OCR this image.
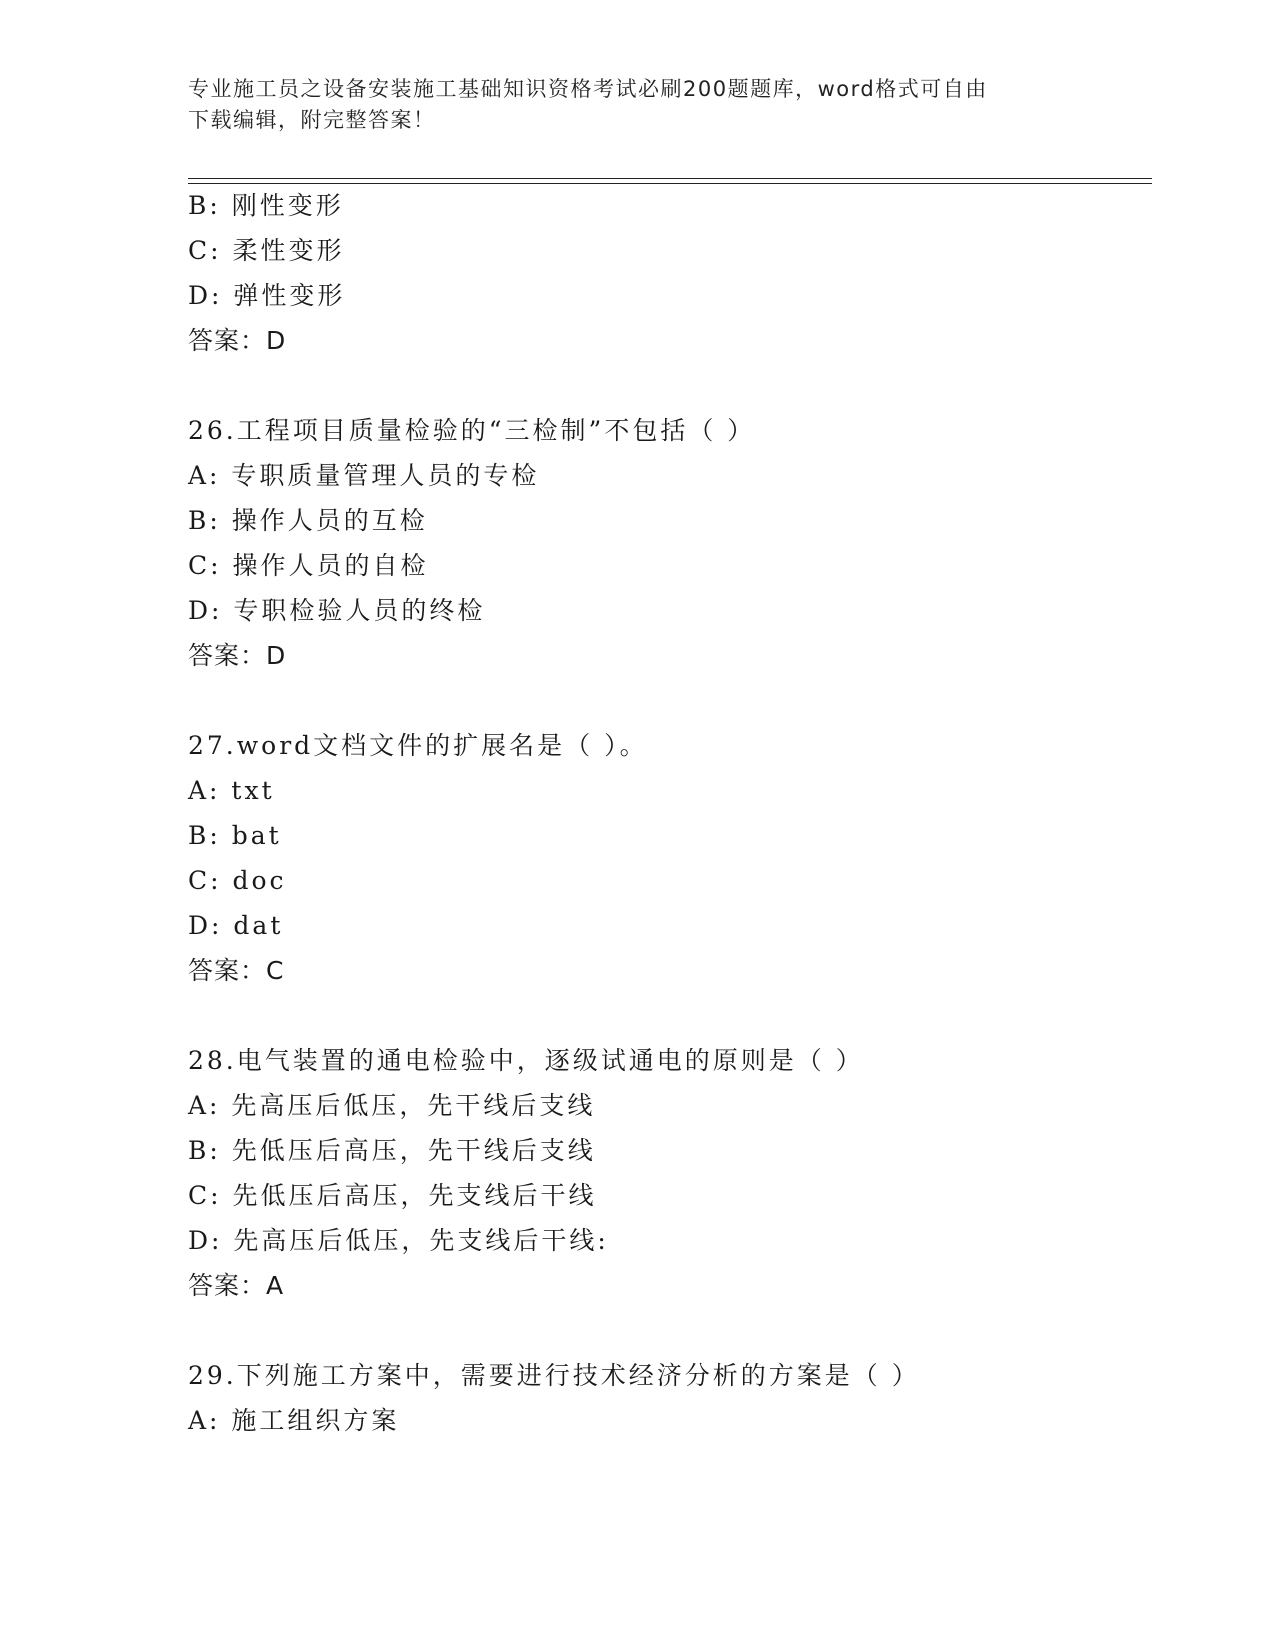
专业施工员之设备安装施工基础知识资格考试必刷200题题库，word格式可自由
下载编辑，附完整答案！
B: 刚性变形
C: 柔性变形
D: 弹性变形
答案：D
26.工程项目质量检验的“三检制”不包括（ ）
A: 专职质量管理人员的专检
B: 操作人员的互检
C: 操作人员的自检
D: 专职检验人员的终检
答案：D
27.word文档文件的扩展名是（ ）。
A: txt
B: bat
C: doc
D: dat
答案：C
28.电气装置的通电检验中，逐级试通电的原则是（ ）
A: 先高压后低压，先干线后支线
B: 先低压后高压，先干线后支线
C: 先低压后高压，先支线后干线
D: 先高压后低压，先支线后干线:
答案：A
29.下列施工方案中，需要进行技术经济分析的方案是（ ）
A: 施工组织方案
